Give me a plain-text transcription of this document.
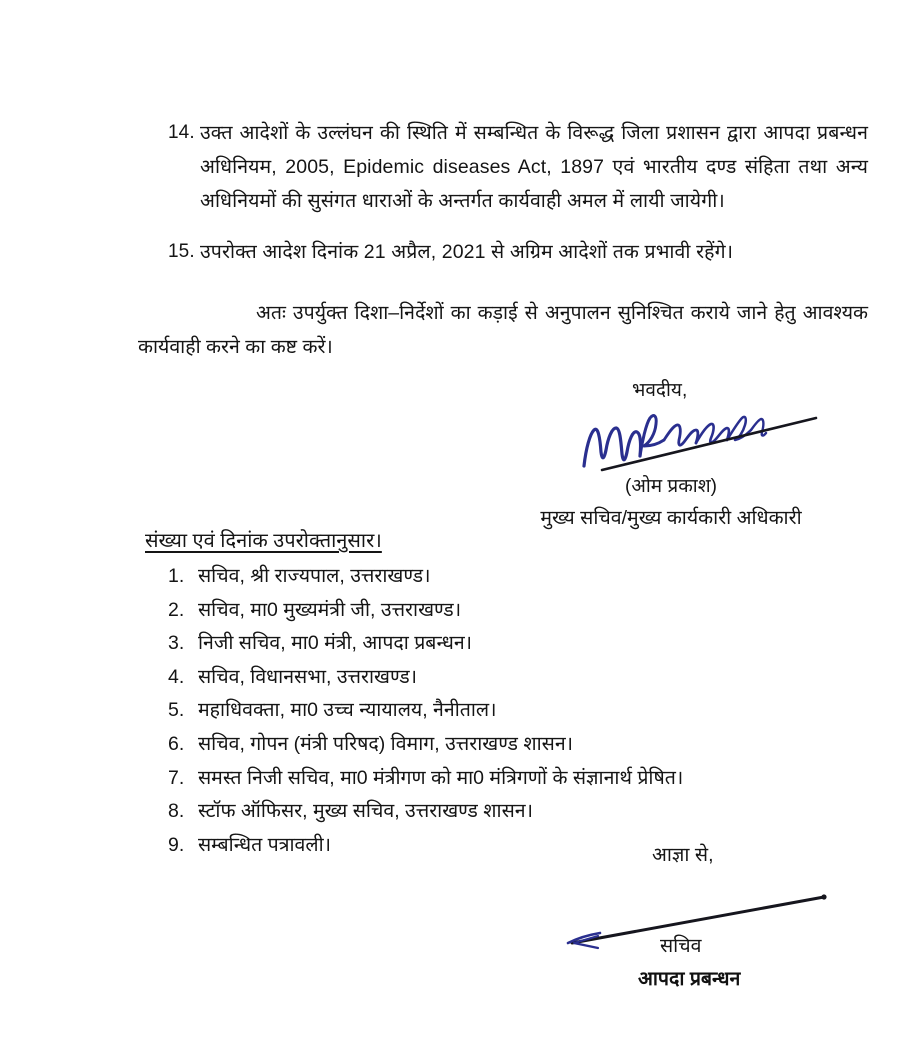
14. उक्त आदेशों के उल्लंघन की स्थिति में सम्बन्धित के विरूद्ध जिला प्रशासन द्वारा आपदा प्रबन्धन अधिनियम, 2005, Epidemic diseases Act, 1897 एवं भारतीय दण्ड संहिता तथा अन्य अधिनियमों की सुसंगत धाराओं के अन्तर्गत कार्यवाही अमल में लायी जायेगी।
15. उपरोक्त आदेश दिनांक 21 अप्रैल, 2021 से अग्रिम आदेशों तक प्रभावी रहेंगे।
अतः उपर्युक्त दिशा–निर्देशों का कड़ाई से अनुपालन सुनिश्चित कराये जाने हेतु आवश्यक कार्यवाही करने का कष्ट करें।
भवदीय,
(ओम प्रकाश)
मुख्य सचिव/मुख्य कार्यकारी अधिकारी
संख्या एवं दिनांक उपरोक्तानुसार।
1. सचिव, श्री राज्यपाल, उत्तराखण्ड।
2. सचिव, मा0 मुख्यमंत्री जी, उत्तराखण्ड।
3. निजी सचिव, मा0 मंत्री, आपदा प्रबन्धन।
4. सचिव, विधानसभा, उत्तराखण्ड।
5. महाधिवक्ता, मा0 उच्च न्यायालय, नैनीताल।
6. सचिव, गोपन (मंत्री परिषद) विमाग, उत्तराखण्ड शासन।
7. समस्त निजी सचिव, मा0 मंत्रीगण को मा0 मंत्रिगणों के संज्ञानार्थ प्रेषित।
8. स्टॉफ ऑफिसर, मुख्य सचिव, उत्तराखण्ड शासन।
9. सम्बन्धित पत्रावली।	आज्ञा से,
सचिव
आपदा प्रबन्धन
